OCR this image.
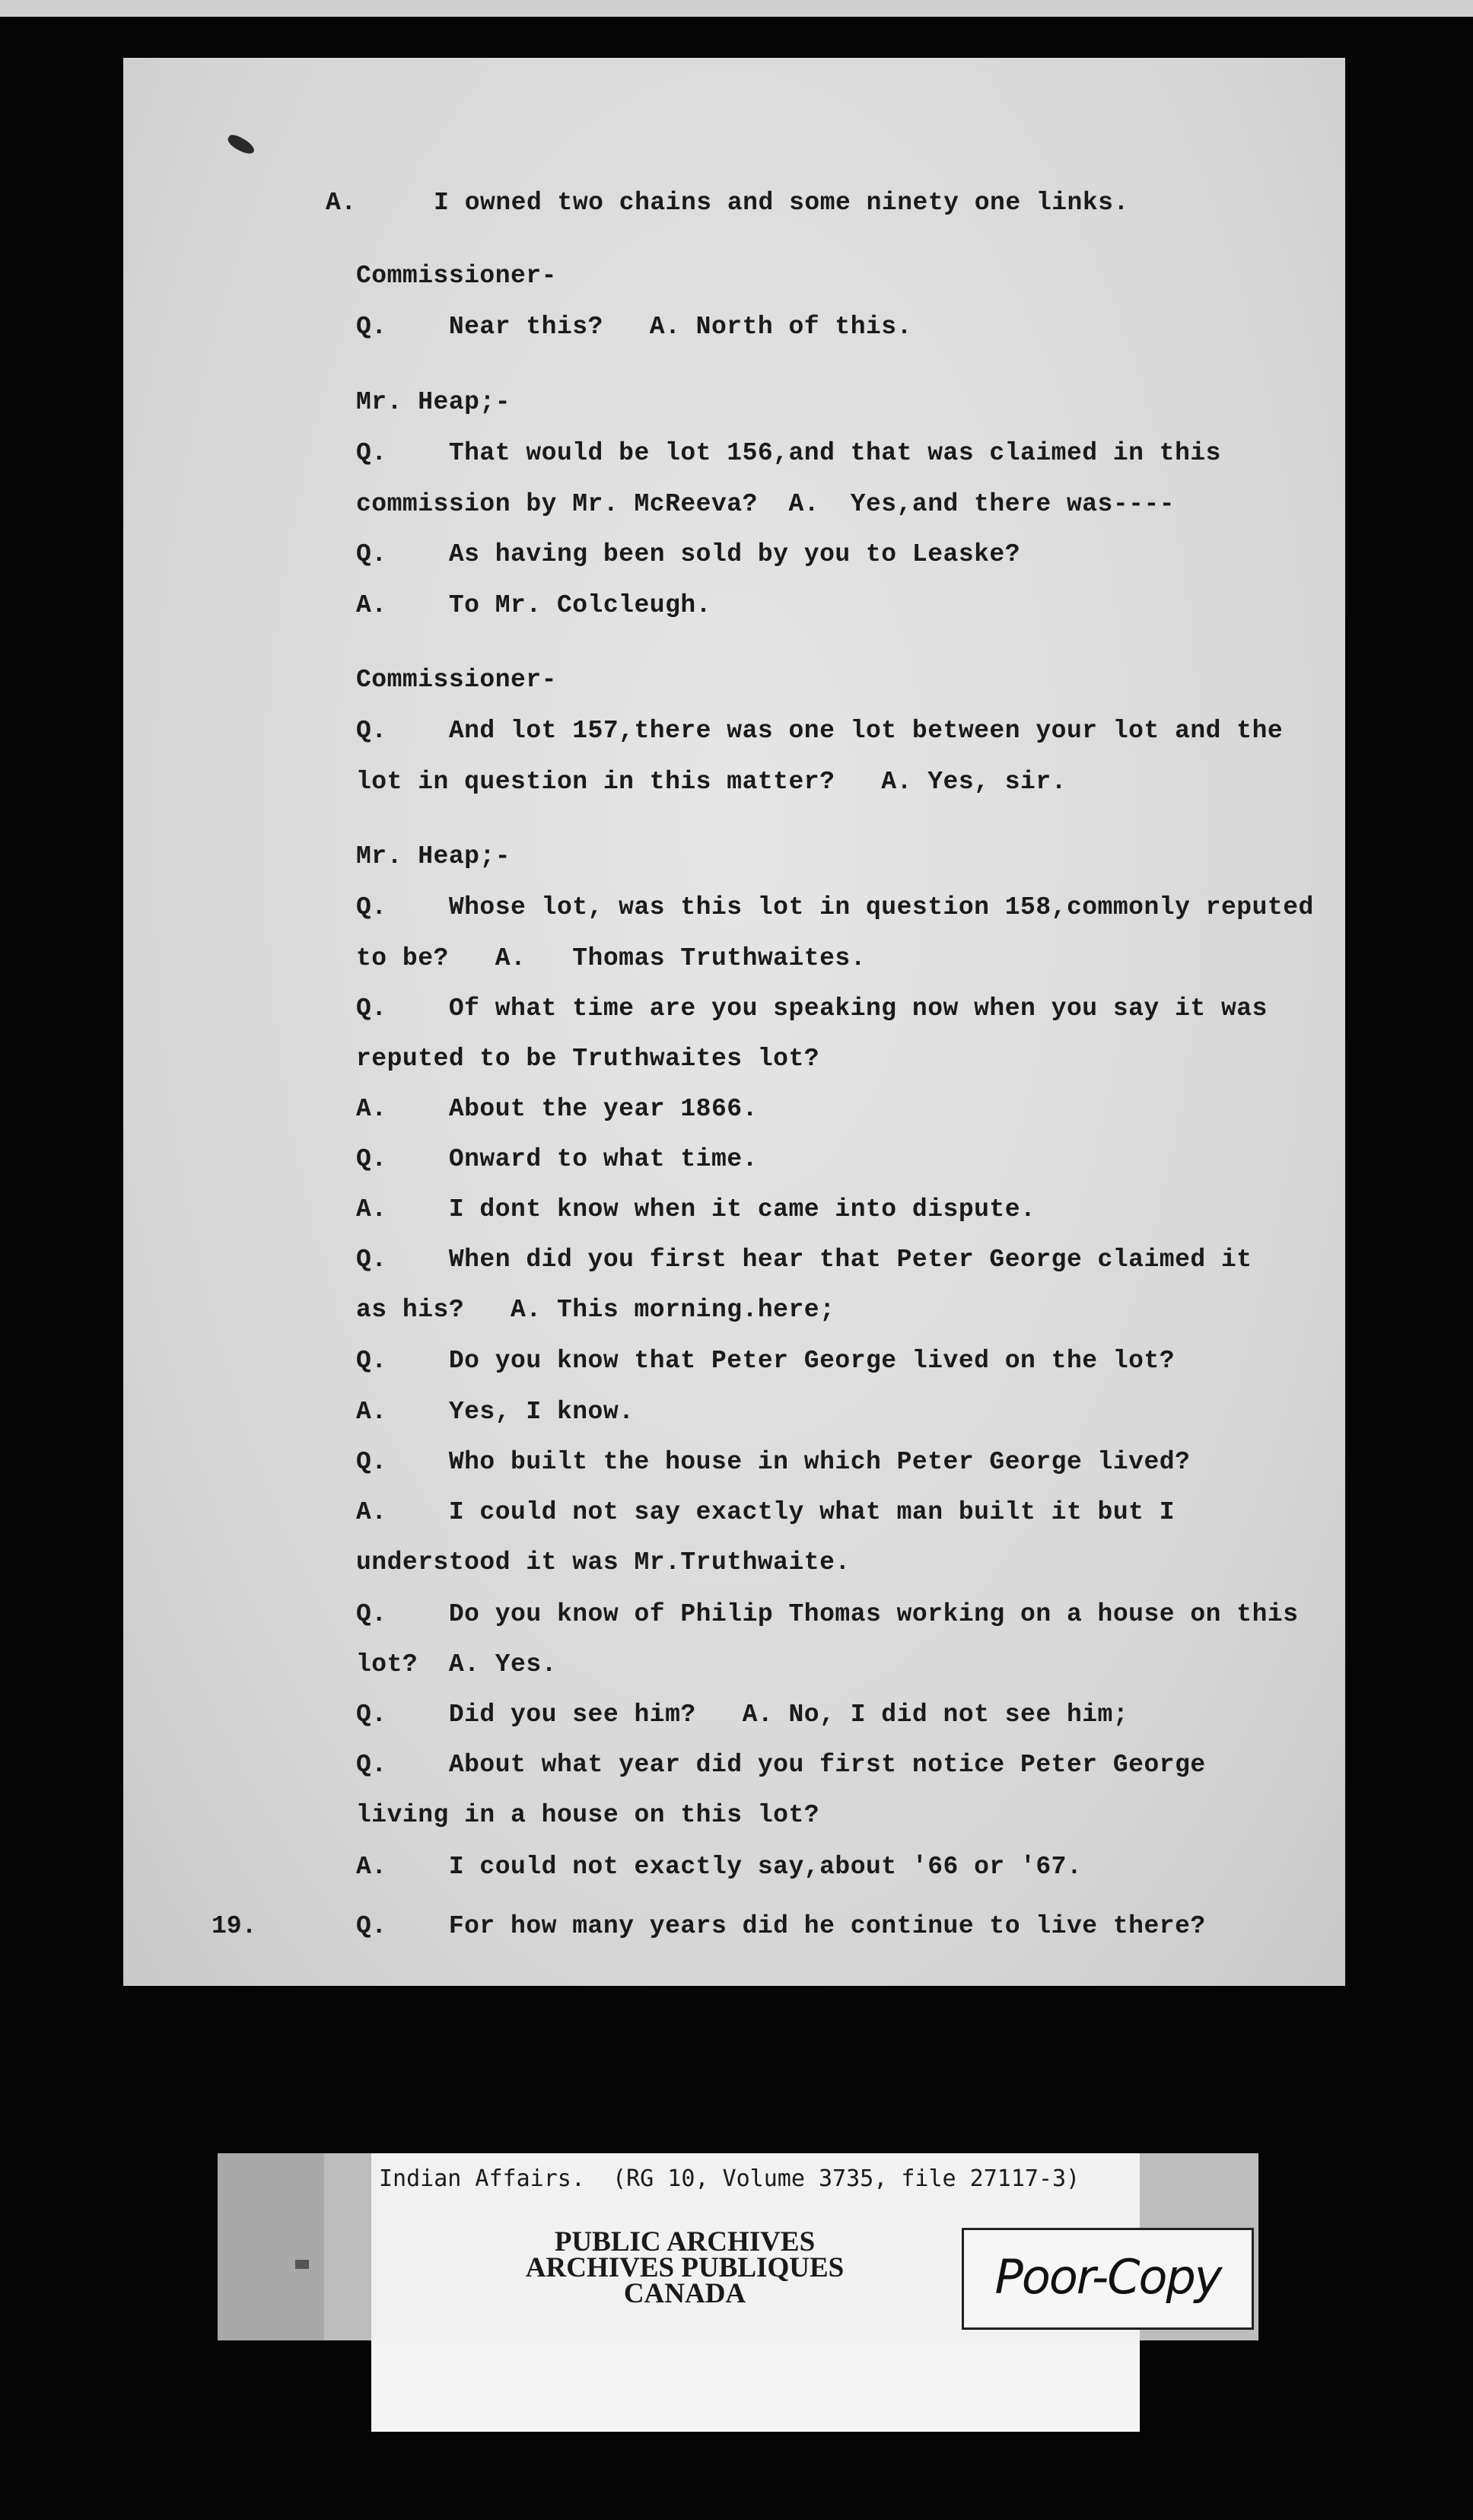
A.     I owned two chains and some ninety one links.
Commissioner-
Q.    Near this?   A. North of this.
Mr. Heap;-
Q.    That would be lot 156,and that was claimed in this
commission by Mr. McReeva?  A.  Yes,and there was----
Q.    As having been sold by you to Leaske?
A.    To Mr. Colcleugh.
Commissioner-
Q.    And lot 157,there was one lot between your lot and the
lot in question in this matter?   A. Yes, sir.
Mr. Heap;-
Q.    Whose lot, was this lot in question 158,commonly reputed
to be?   A.   Thomas Truthwaites.
Q.    Of what time are you speaking now when you say it was
reputed to be Truthwaites lot?
A.    About the year 1866.
Q.    Onward to what time.
A.    I dont know when it came into dispute.
Q.    When did you first hear that Peter George claimed it
as his?   A. This morning.here;
Q.    Do you know that Peter George lived on the lot?
A.    Yes, I know.
Q.    Who built the house in which Peter George lived?
A.    I could not say exactly what man built it but I
understood it was Mr.Truthwaite.
Q.    Do you know of Philip Thomas working on a house on this
lot?  A. Yes.
Q.    Did you see him?   A. No, I did not see him;
Q.    About what year did you first notice Peter George
living in a house on this lot?
A.    I could not exactly say,about '66 or '67.
Q.    For how many years did he continue to live there?
19.
Indian Affairs.  (RG 10, Volume 3735, file 27117-3)
PUBLIC ARCHIVES
ARCHIVES PUBLIQUES
CANADA	Poor-Copy
